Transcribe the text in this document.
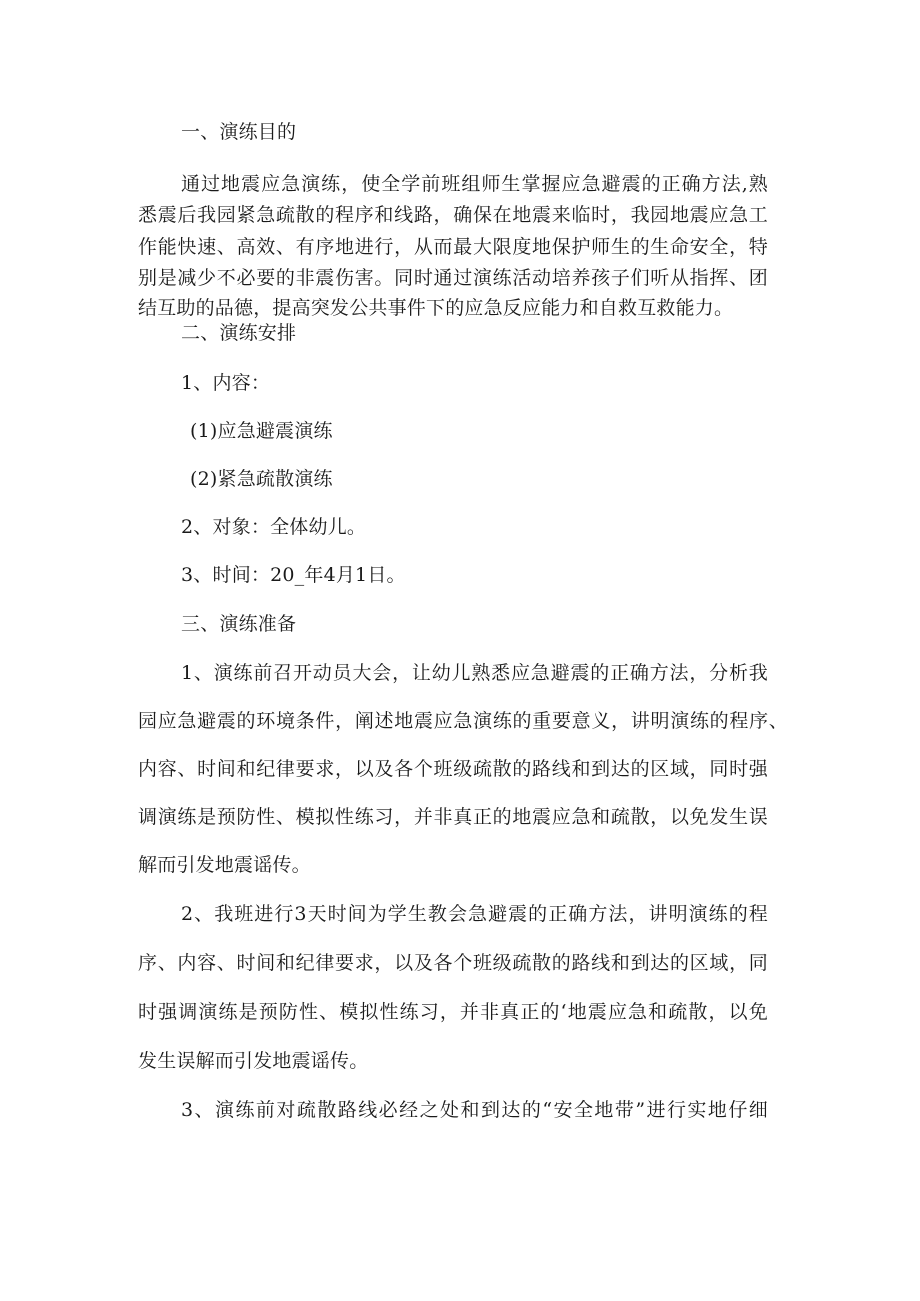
一、演练目的
通过地震应急演练，使全学前班组师生掌握应急避震的正确方法,熟
悉震后我园紧急疏散的程序和线路，确保在地震来临时，我园地震应急工
作能快速、高效、有序地进行，从而最大限度地保护师生的生命安全，特
别是减少不必要的非震伤害。同时通过演练活动培养孩子们听从指挥、团
结互助的品德，提高突发公共事件下的应急反应能力和自救互救能力。
二、演练安排
1、内容：
(1)应急避震演练
(2)紧急疏散演练
2、对象：全体幼儿。
3、时间：20_年4月1日。
三、演练准备
1、演练前召开动员大会，让幼儿熟悉应急避震的正确方法，分析我
园应急避震的环境条件，阐述地震应急演练的重要意义，讲明演练的程序、
内容、时间和纪律要求，以及各个班级疏散的路线和到达的区域，同时强
调演练是预防性、模拟性练习，并非真正的地震应急和疏散，以免发生误
解而引发地震谣传。
2、我班进行3天时间为学生教会急避震的正确方法，讲明演练的程
序、内容、时间和纪律要求，以及各个班级疏散的路线和到达的区域，同
时强调演练是预防性、模拟性练习，并非真正的‘地震应急和疏散，以免
发生误解而引发地震谣传。
3、演练前对疏散路线必经之处和到达的“安全地带”进行实地仔细
